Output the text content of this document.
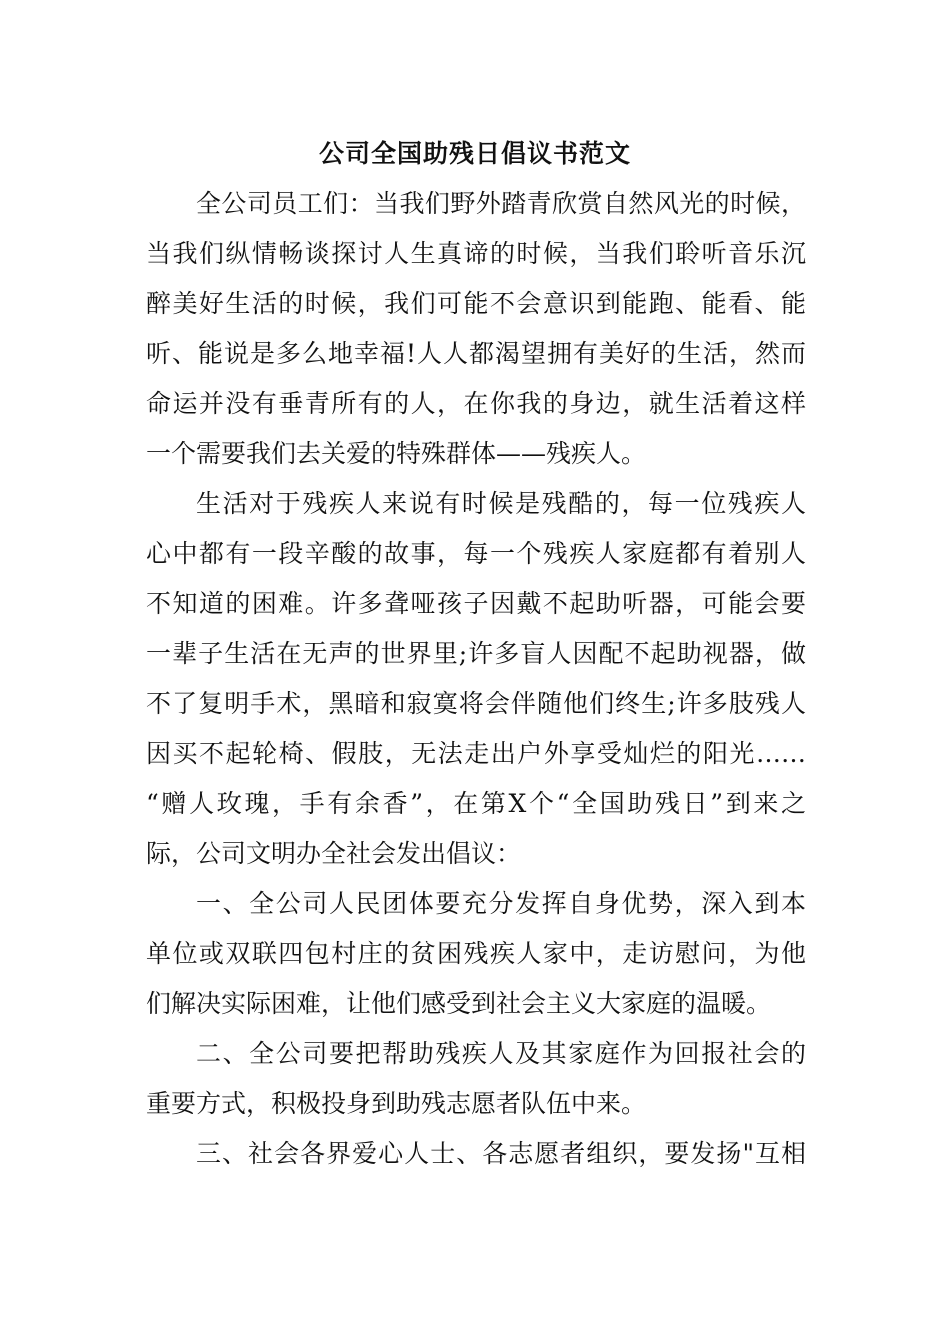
公司全国助残日倡议书范文
全公司员工们：当我们野外踏青欣赏自然风光的时候，
当我们纵情畅谈探讨人生真谛的时候，当我们聆听音乐沉
醉美好生活的时候，我们可能不会意识到能跑、能看、能
听、能说是多么地幸福!人人都渴望拥有美好的生活，然而
命运并没有垂青所有的人，在你我的身边，就生活着这样
一个需要我们去关爱的特殊群体——残疾人。
生活对于残疾人来说有时候是残酷的，每一位残疾人
心中都有一段辛酸的故事，每一个残疾人家庭都有着别人
不知道的困难。许多聋哑孩子因戴不起助听器，可能会要
一辈子生活在无声的世界里;许多盲人因配不起助视器，做
不了复明手术，黑暗和寂寞将会伴随他们终生;许多肢残人
因买不起轮椅、假肢，无法走出户外享受灿烂的阳光……
“赠人玫瑰，手有余香”，在第X个“全国助残日”到来之
际，公司文明办全社会发出倡议：
一、全公司人民团体要充分发挥自身优势，深入到本
单位或双联四包村庄的贫困残疾人家中，走访慰问，为他
们解决实际困难，让他们感受到社会主义大家庭的温暖。
二、全公司要把帮助残疾人及其家庭作为回报社会的
重要方式，积极投身到助残志愿者队伍中来。
三、社会各界爱心人士、各志愿者组织，要发扬"互相
